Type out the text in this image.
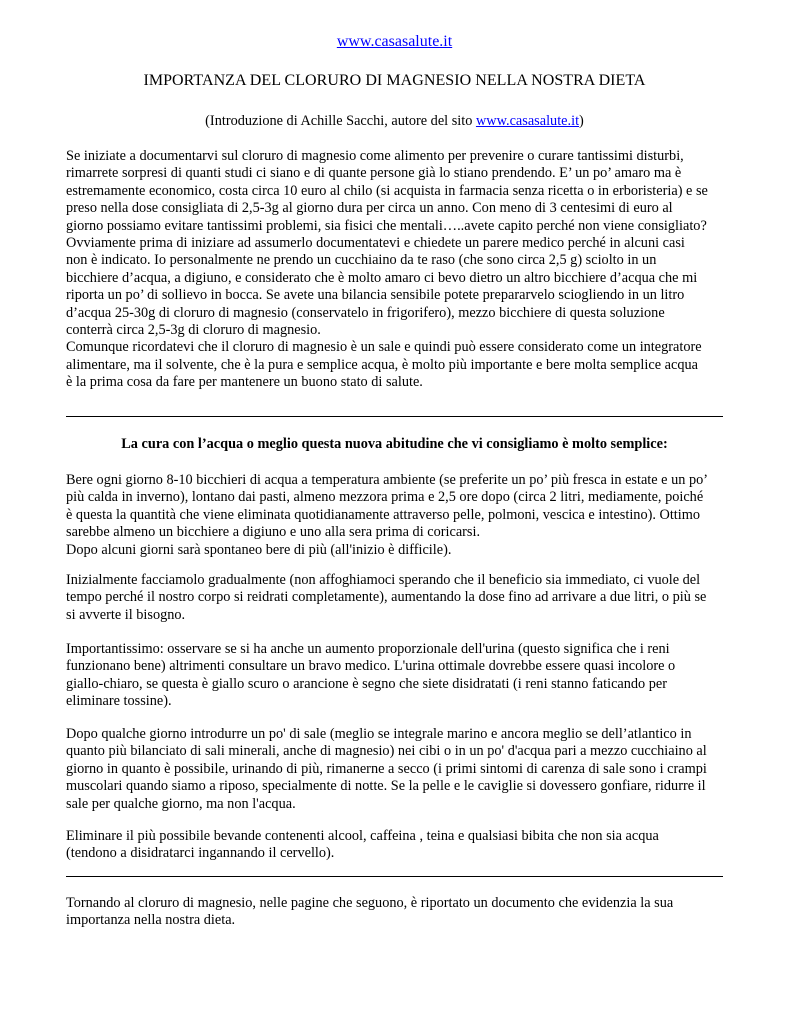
www.casasalute.it
IMPORTANZA DEL CLORURO DI MAGNESIO NELLA NOSTRA DIETA
(Introduzione di Achille Sacchi, autore del sito www.casasalute.it)
Se iniziate a documentarvi sul cloruro di magnesio come alimento per prevenire o curare tantissimi disturbi,
rimarrete sorpresi di quanti studi ci siano e di quante persone già lo stiano prendendo. E’ un po’ amaro ma è
estremamente economico, costa circa 10 euro al chilo (si acquista in farmacia senza ricetta o in erboristeria) e se
preso nella dose consigliata di 2,5-3g al giorno dura per circa un anno. Con meno di 3 centesimi di euro al
giorno possiamo evitare tantissimi problemi, sia fisici che mentali…..avete capito perché non viene consigliato?
Ovviamente prima di iniziare ad assumerlo documentatevi e chiedete un parere medico perché in alcuni casi
non è indicato. Io personalmente ne prendo un cucchiaino da te raso (che sono circa 2,5 g) sciolto in un
bicchiere d’acqua, a digiuno, e considerato che è molto amaro ci bevo dietro un altro bicchiere d’acqua che mi
riporta un po’ di sollievo in bocca. Se avete una bilancia sensibile potete prepararvelo sciogliendo in un litro
d’acqua 25-30g di cloruro di magnesio (conservatelo in frigorifero), mezzo bicchiere di questa soluzione
conterrà circa 2,5-3g di cloruro di magnesio.
Comunque ricordatevi che il cloruro di magnesio è un sale e quindi può essere considerato come un integratore
alimentare, ma il solvente, che è la pura e semplice acqua, è molto più importante e bere molta semplice acqua
è la prima cosa da fare per mantenere un buono stato di salute.
La cura con l’acqua o meglio questa nuova abitudine che vi consigliamo è molto semplice:
Bere ogni giorno 8-10 bicchieri di acqua a temperatura ambiente (se preferite un po’ più fresca in estate e un po’
più calda in inverno), lontano dai pasti, almeno mezzora prima e 2,5 ore dopo (circa 2 litri, mediamente, poiché
è questa la quantità che viene eliminata quotidianamente attraverso pelle, polmoni, vescica e intestino). Ottimo
sarebbe almeno un bicchiere a digiuno e uno alla sera prima di coricarsi.
Dopo alcuni giorni sarà spontaneo bere di più (all'inizio è difficile).
Inizialmente facciamolo gradualmente (non affoghiamoci sperando che il beneficio sia immediato, ci vuole del
tempo perché il nostro corpo si reidrati completamente), aumentando la dose fino ad arrivare a due litri, o più se
si avverte il bisogno.
Importantissimo: osservare se si ha anche un aumento proporzionale dell'urina (questo significa che i reni
funzionano bene) altrimenti consultare un bravo medico. L'urina ottimale dovrebbe essere quasi incolore o
giallo-chiaro, se questa è giallo scuro o arancione è segno che siete disidratati (i reni stanno faticando per
eliminare tossine).
Dopo qualche giorno introdurre un po' di sale (meglio se integrale marino e ancora meglio se dell’atlantico in
quanto più bilanciato di sali minerali, anche di magnesio) nei cibi o in un po' d'acqua pari a mezzo cucchiaino al
giorno in quanto è possibile, urinando di più, rimanerne a secco (i primi sintomi di carenza di sale sono i crampi
muscolari quando siamo a riposo, specialmente di notte. Se la pelle e le caviglie si dovessero gonfiare, ridurre il
sale per qualche giorno, ma non l'acqua.
Eliminare il più possibile bevande contenenti alcool, caffeina , teina e qualsiasi bibita che non sia acqua
(tendono a disidratarci ingannando il cervello).
Tornando al cloruro di magnesio, nelle pagine che seguono, è riportato un documento che evidenzia la sua
importanza nella nostra dieta.
